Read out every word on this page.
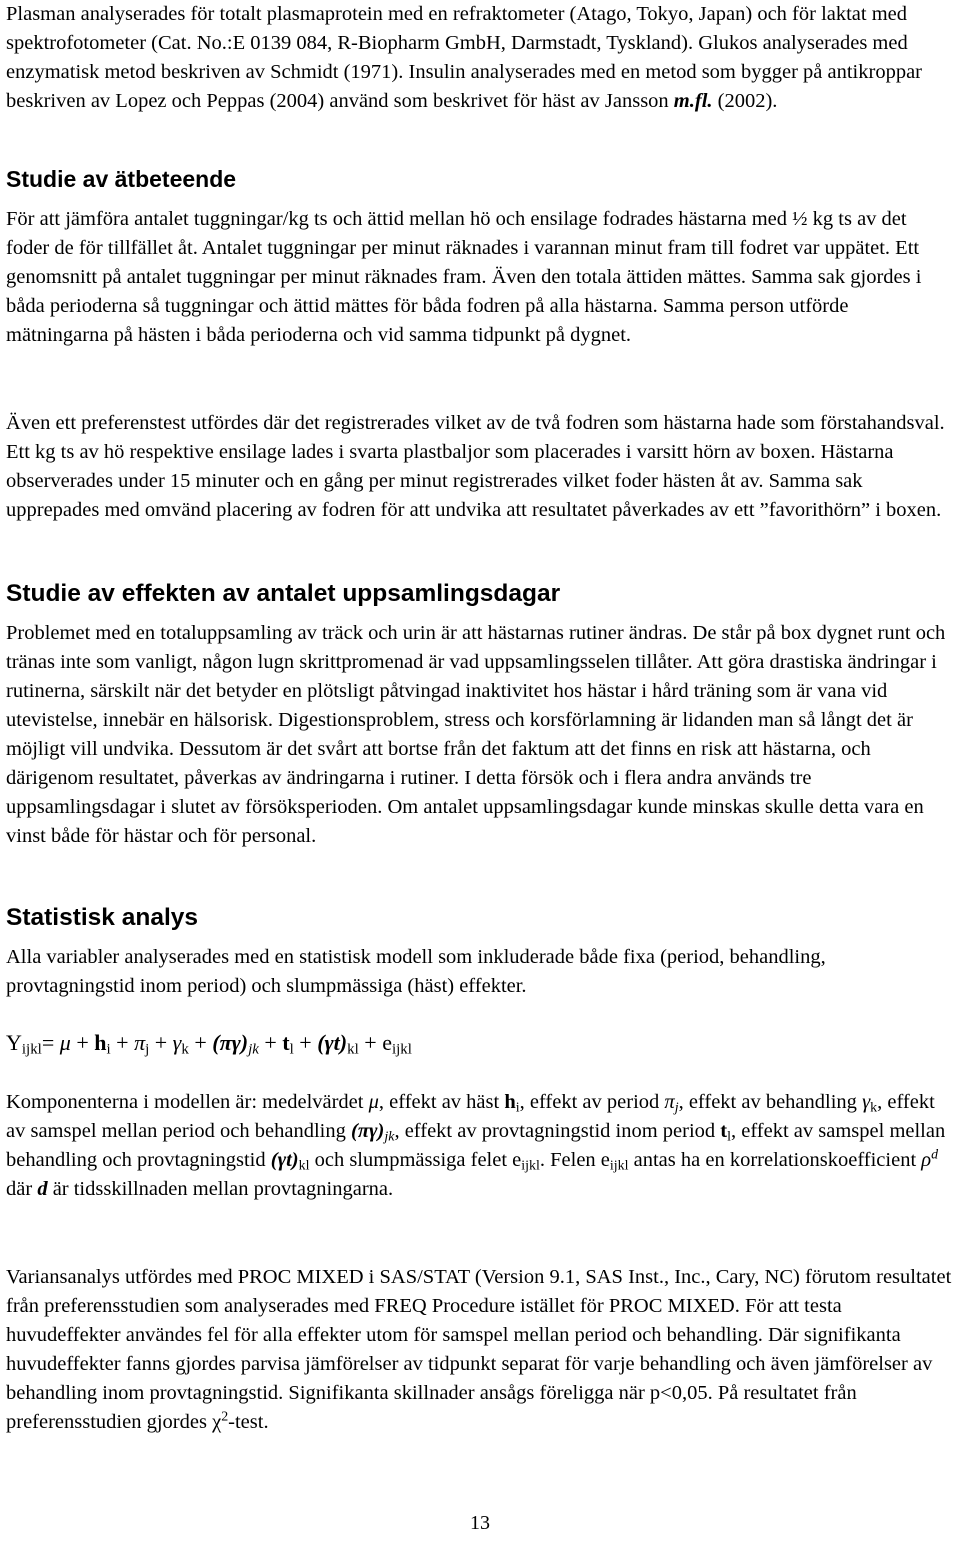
Plasman analyserades för totalt plasmaprotein med en refraktometer (Atago, Tokyo, Japan) och för laktat med spektrofotometer (Cat. No.:E 0139 084, R-Biopharm GmbH, Darmstadt, Tyskland). Glukos analyserades med enzymatisk metod beskriven av Schmidt (1971). Insulin analyserades med en metod som bygger på antikroppar beskriven av Lopez och Peppas (2004) använd som beskrivet för häst av Jansson m.fl. (2002).

Studie av ätbeteende

För att jämföra antalet tuggningar/kg ts och ättid mellan hö och ensilage fodrades hästarna med ½ kg ts av det foder de för tillfället åt. Antalet tuggningar per minut räknades i varannan minut fram till fodret var uppätet. Ett genomsnitt på antalet tuggningar per minut räknades fram. Även den totala ättiden mättes. Samma sak gjordes i båda perioderna så tuggningar och ättid mättes för båda fodren på alla hästarna. Samma person utförde mätningarna på hästen i båda perioderna och vid samma tidpunkt på dygnet.

Även ett preferenstest utfördes där det registrerades vilket av de två fodren som hästarna hade som förstahandsval. Ett kg ts av hö respektive ensilage lades i svarta plastbaljor som placerades i varsitt hörn av boxen. Hästarna observerades under 15 minuter och en gång per minut registrerades vilket foder hästen åt av. Samma sak upprepades med omvänd placering av fodren för att undvika att resultatet påverkades av ett ”favorithörn” i boxen.

Studie av effekten av antalet uppsamlingsdagar

Problemet med en totaluppsamling av träck och urin är att hästarnas rutiner ändras. De står på box dygnet runt och tränas inte som vanligt, någon lugn skrittpromenad är vad uppsamlingsselen tillåter. Att göra drastiska ändringar i rutinerna, särskilt när det betyder en plötsligt påtvingad inaktivitet hos hästar i hård träning som är vana vid utevistelse, innebär en hälsorisk. Digestionsproblem, stress och korsförlamning är lidanden man så långt det är möjligt vill undvika. Dessutom är det svårt att bortse från det faktum att det finns en risk att hästarna, och därigenom resultatet, påverkas av ändringarna i rutiner. I detta försök och i flera andra används tre uppsamlingsdagar i slutet av försöksperioden. Om antalet uppsamlingsdagar kunde minskas skulle detta vara en vinst både för hästar och för personal.

Statistisk analys

Alla variabler analyserades med en statistisk modell som inkluderade både fixa (period, behandling, provtagningstid inom period) och slumpmässiga (häst) effekter.

$Y_{ijkl}= \mu + h_i + \pi_j + \gamma_k + (\pi\gamma)_{jk} + t_l + (\gamma t)_{kl} + e_{ijkl}$

Komponenterna i modellen är: medelvärdet μ, effekt av häst $h_i$, effekt av period $\pi_j$, effekt av behandling $\gamma_k$, effekt av samspel mellan period och behandling $(\pi\gamma)_{jk}$, effekt av provtagningstid inom period $t_l$, effekt av samspel mellan behandling och provtagningstid $(\gamma t)_{kl}$ och slumpmässiga felet $e_{ijkl}$. Felen $e_{ijkl}$ antas ha en korrelationskoefficient $\rho^d$ där d är tidsskillnaden mellan provtagningarna.

Variansanalys utfördes med PROC MIXED i SAS/STAT (Version 9.1, SAS Inst., Inc., Cary, NC) förutom resultatet från preferensstudien som analyserades med FREQ Procedure istället för PROC MIXED. För att testa huvudeffekter användes fel för alla effekter utom för samspel mellan period och behandling. Där signifikanta huvudeffekter fanns gjordes parvisa jämförelser av tidpunkt separat för varje behandling och även jämförelser av behandling inom provtagningstid. Signifikanta skillnader ansågs föreligga när p<0,05. På resultatet från preferensstudien gjordes $\chi^2$-test.

13
